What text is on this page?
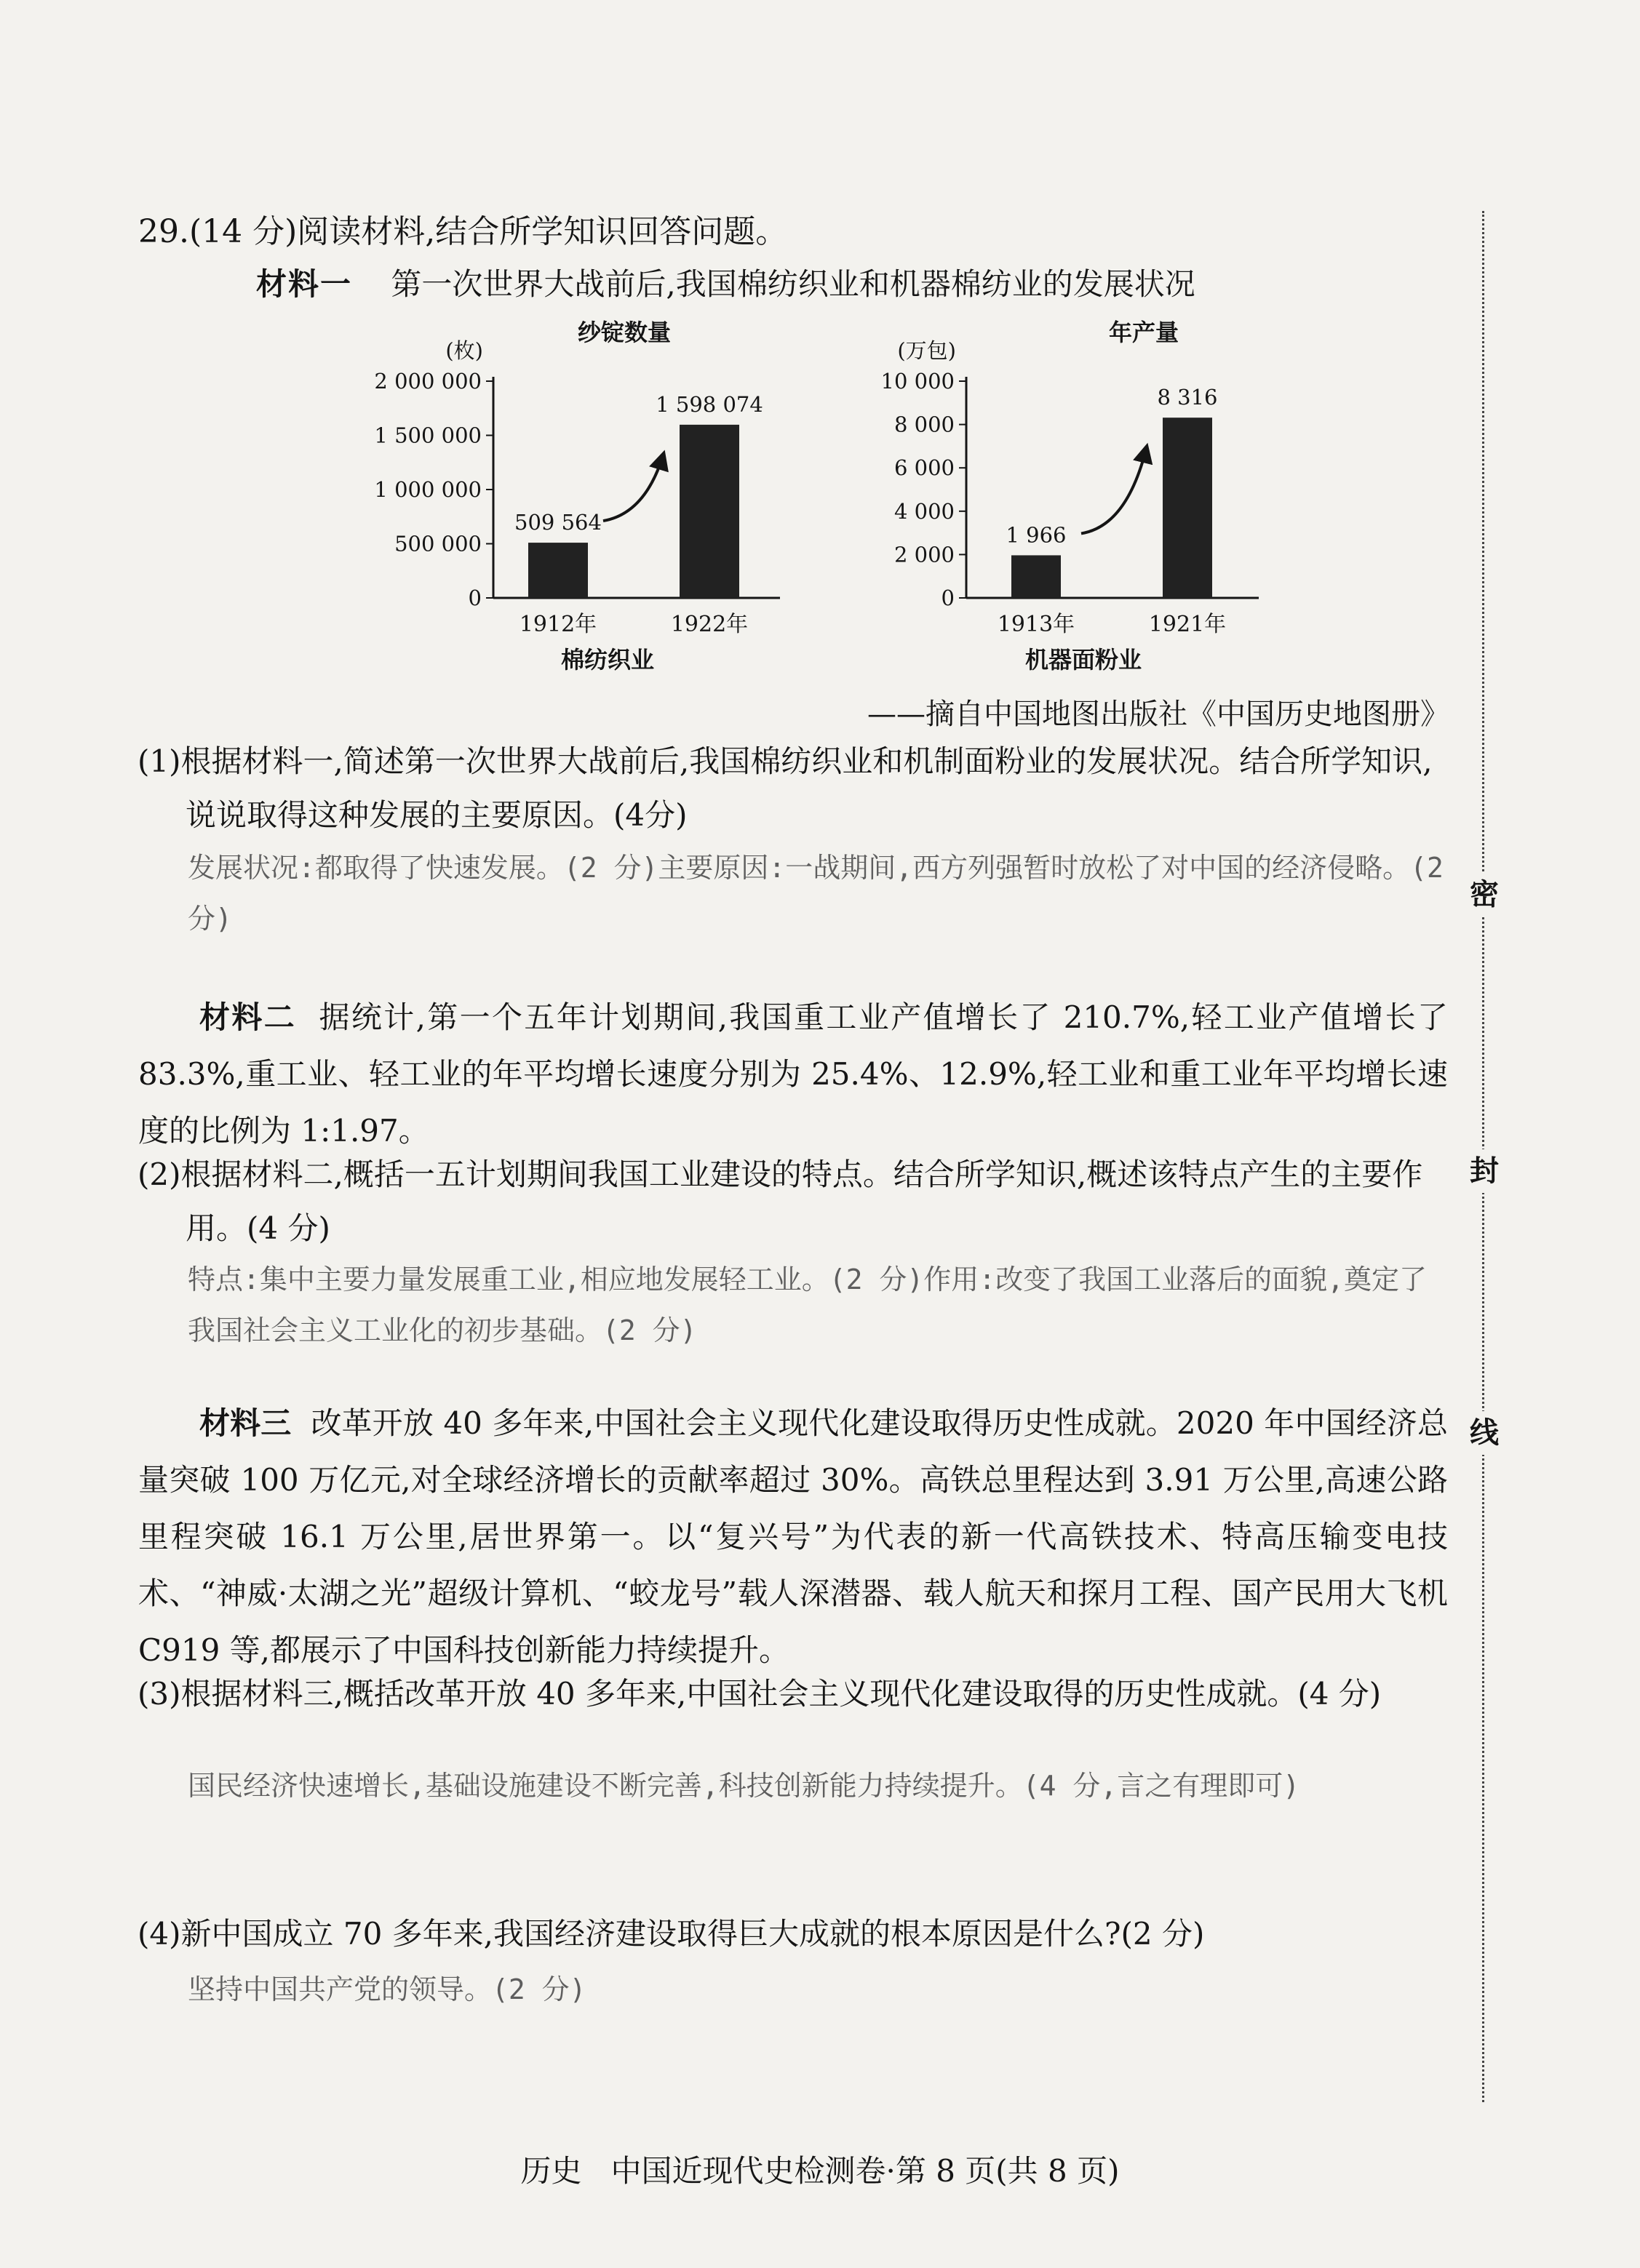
密
封
线
29.(14 分)阅读材料,结合所学知识回答问题。
材料一 第一次世界大战前后,我国棉纺织业和机器棉纺业的发展状况
纱锭数量
(枚)
0
500 000
1 000 000
1 500 000
2 000 000
1912年
509 564
1922年
1 598 074
棉纺织业
年产量
(万包)
0
2 000
4 000
6 000
8 000
10 000
1913年
1 966
1921年
8 316
机器面粉业
——摘自中国地图出版社《中国历史地图册》
(1)根据材料一,简述第一次世界大战前后,我国棉纺织业和机制面粉业的发展状况。结合所学知识,说说取得这种发展的主要原因。(4分)
发展状况:都取得了快速发展。(2 分)主要原因:一战期间,西方列强暂时放松了对中国的经济侵略。(2 分)
材料二 据统计,第一个五年计划期间,我国重工业产值增长了 210.7%,轻工业产值增长了 83.3%,重工业、轻工业的年平均增长速度分别为 25.4%、12.9%,轻工业和重工业年平均增长速度的比例为 1:1.97。
(2)根据材料二,概括一五计划期间我国工业建设的特点。结合所学知识,概述该特点产生的主要作用。(4 分)
特点:集中主要力量发展重工业,相应地发展轻工业。(2 分)作用:改变了我国工业落后的面貌,奠定了我国社会主义工业化的初步基础。(2 分)
材料三 改革开放 40 多年来,中国社会主义现代化建设取得历史性成就。2020 年中国经济总量突破 100 万亿元,对全球经济增长的贡献率超过 30%。高铁总里程达到 3.91 万公里,高速公路里程突破 16.1 万公里,居世界第一。以“复兴号”为代表的新一代高铁技术、特高压输变电技术、“神威·太湖之光”超级计算机、“蛟龙号”载人深潜器、载人航天和探月工程、国产民用大飞机 C919 等,都展示了中国科技创新能力持续提升。
(3)根据材料三,概括改革开放 40 多年来,中国社会主义现代化建设取得的历史性成就。(4 分)
国民经济快速增长,基础设施建设不断完善,科技创新能力持续提升。(4 分,言之有理即可)
(4)新中国成立 70 多年来,我国经济建设取得巨大成就的根本原因是什么?(2 分)
坚持中国共产党的领导。(2 分)
历史 中国近现代史检测卷·第 8 页(共 8 页)
